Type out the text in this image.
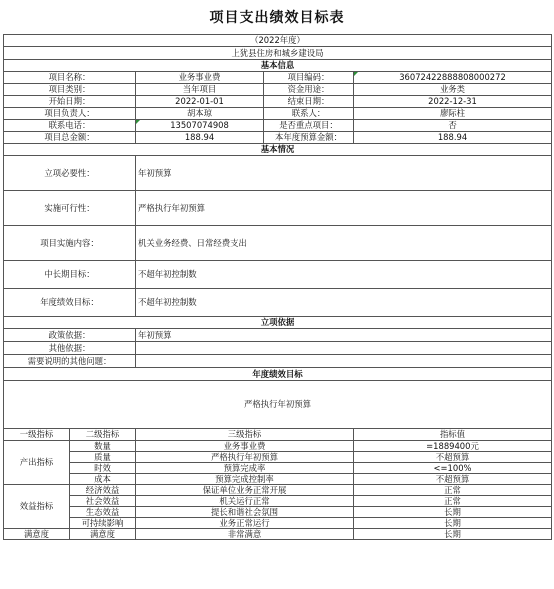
项目支出绩效目标表
（2022年度）				
上犹县住房和城乡建设局				
基本信息				
项目名称：		业务事业费	项目编码：	36072422888808000272
项目类别：		当年项目	资金用途：	业务类
开始日期：		2022-01-01	结束日期：	2022-12-31
项目负责人：		胡本琼	联系人：	廖际柱
联系电话：		13507074908	是否重点项目：	否
项目总金额：		188.94	本年度预算金额：	188.94
基本情况				
立项必要性：		年初预算		
实施可行性：		严格执行年初预算		
项目实施内容：		机关业务经费、日常经费支出		
中长期目标：		不超年初控制数		
年度绩效目标：		不超年初控制数		
立项依据				
政策依据：		年初预算		
其他依据：				
需要说明的其他问题：				
年度绩效目标				
严格执行年初预算				
一级指标	二级指标	三级指标		指标值
产出指标	数量	业务事业费		=1889400元
	质量	严格执行年初预算		不超预算
	时效	预算完成率		<=100%
	成本	预算完成控制率		不超预算
效益指标	经济效益	保证单位业务正常开展		正常
	社会效益	机关运行正常		正常
	生态效益	提长和谐社会氛围		长期
	可持续影响	业务正常运行		长期
满意度	满意度	非常满意		长期
